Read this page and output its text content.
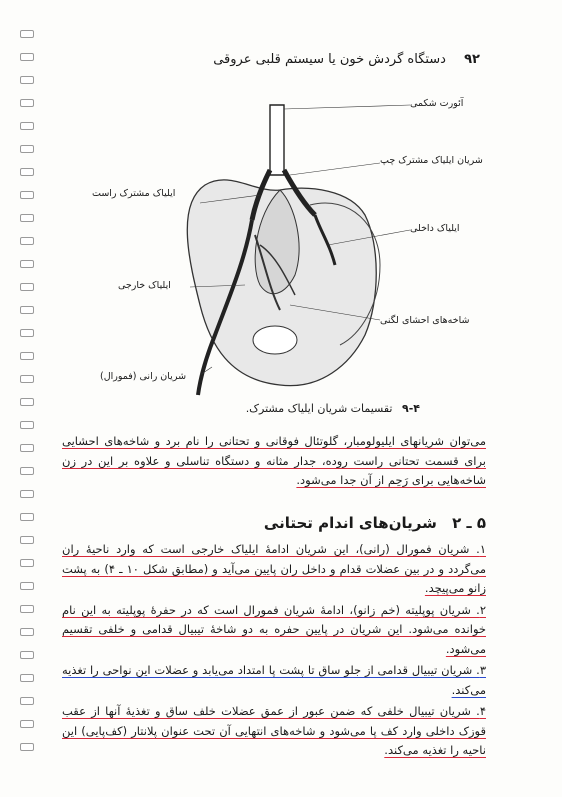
۹۲ دستگاه گردش خون یا سیستم قلبی عروقی
آئورت شکمی
شریان ایلیاک مشترک چپ
ایلیاک مشترک راست
ایلیاک داخلی
ایلیاک خارجی
شاخه‌های احشای لگنی
شریان رانی (فمورال)
۹-۴ تقسیمات شریان ایلیاک مشترک.
می‌توان شریانهای ایلیولومبار، گلوتئال فوقانی و تحتانی را نام برد و شاخه‌های احشایی برای قسمت تحتانی راست روده، جدار مثانه و دستگاه تناسلی و علاوه بر این در زن شاخه‌هایی برای رَحِم از آن جدا می‌شود.
۵ ـ ۲ شریان‌های اندام تحتانی

۱. شریان فمورال (رانی)، این شریان ادامهٔ ایلیاک خارجی است که وارد ناحیهٔ ران می‌گردد و در بین عضلات قدام و داخل ران پایین می‌آید و (مطابق شکل ۱۰ ـ ۴) به پشت زانو می‌پیچد.

۲. شریان پوپلیته (خم زانو)، ادامهٔ شریان فمورال است که در حفرهٔ پوپلیته به این نام خوانده می‌شود. این شریان در پایین حفره به دو شاخهٔ تیبیال قدامی و خلفی تقسیم می‌شود.

۳. شریان تیبیال قدامی از جلو ساق تا پشت پا امتداد می‌یابد و عضلات این نواحی را تغذیه می‌کند.

۴. شریان تیبیال خلفی که ضمن عبور از عمق عضلات خلف ساق و تغذیهٔ آنها از عقب قوزک داخلی وارد کف پا می‌شود و شاخه‌های انتهایی آن تحت عنوان پلانتار (کف‌پایی) این ناحیه را تغذیه می‌کند.
